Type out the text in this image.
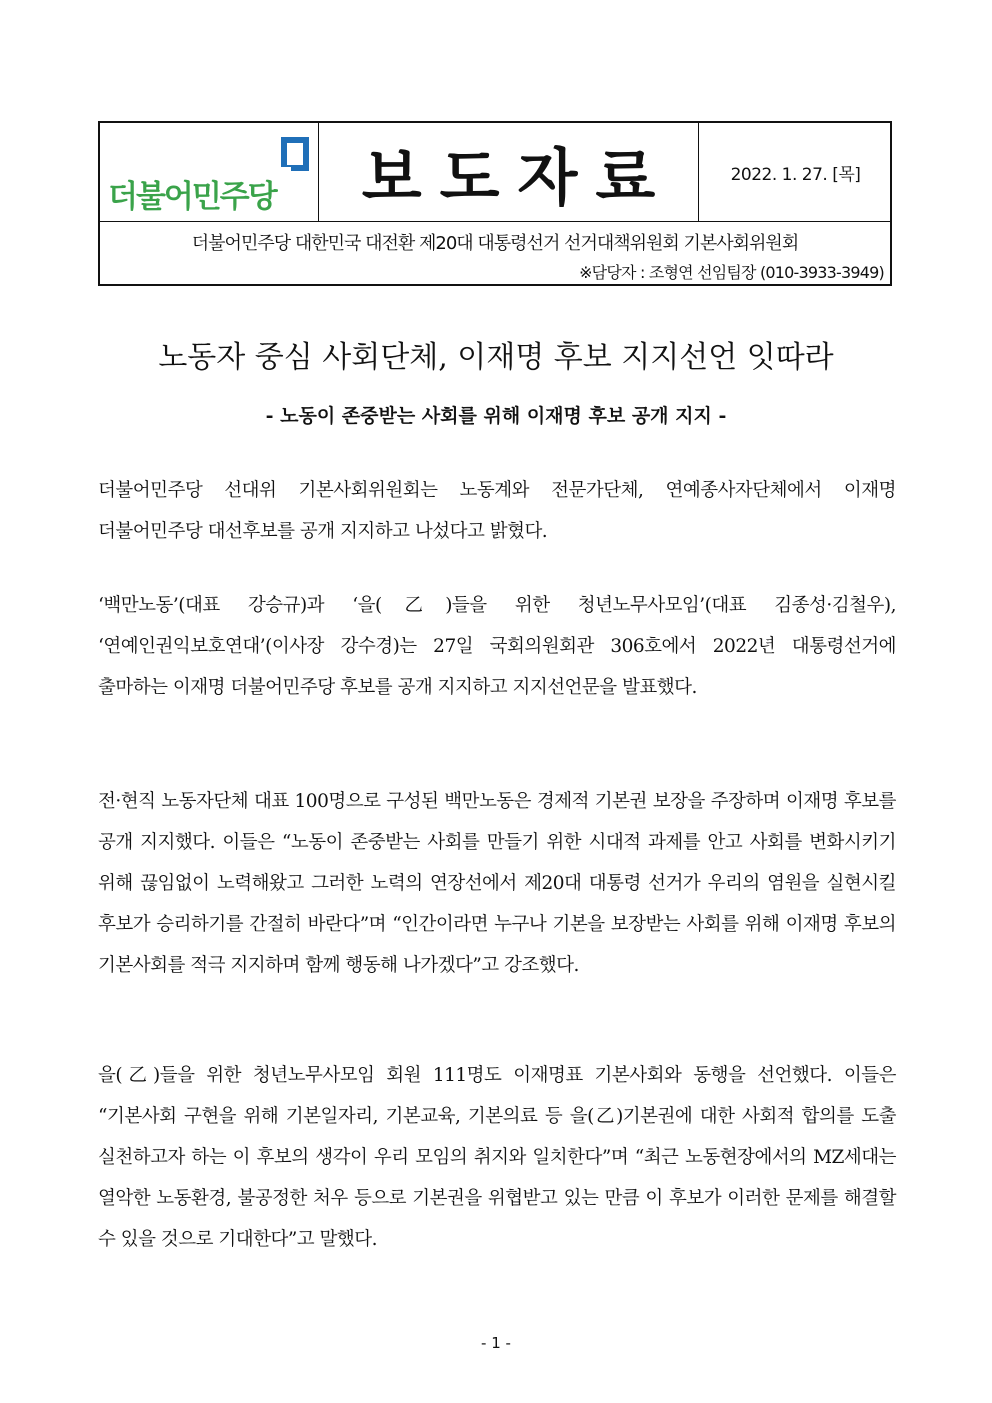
더불어민주당 보도자료	2022. 1. 27. [목]
더불어민주당 대한민국 대전환 제20대 대통령선거 선거대책위원회 기본사회위원회
※담당자 : 조형연 선임팀장 (010-3933-3949)
노동자 중심 사회단체, 이재명 후보 지지선언 잇따라
- 노동이 존중받는 사회를 위해 이재명 후보 공개 지지 -

더불어민주당 선대위 기본사회위원회는 노동계와 전문가단체, 연예종사자단체에서 이재명 더불어민주당 대선후보를 공개 지지하고 나섰다고 밝혔다.

‘백만노동’(대표 강승규)과 ‘을(乙)들을 위한 청년노무사모임’(대표 김종성·김철우), ‘연예인권익보호연대’(이사장 강수경)는 27일 국회의원회관 306호에서 2022년 대통령선거에 출마하는 이재명 더불어민주당 후보를 공개 지지하고 지지선언문을 발표했다.

전·현직 노동자단체 대표 100명으로 구성된 백만노동은 경제적 기본권 보장을 주장하며 이재명 후보를 공개 지지했다. 이들은 “노동이 존중받는 사회를 만들기 위한 시대적 과제를 안고 사회를 변화시키기 위해 끊임없이 노력해왔고 그러한 노력의 연장선에서 제20대 대통령 선거가 우리의 염원을 실현시킬 후보가 승리하기를 간절히 바란다”며 “인간이라면 누구나 기본을 보장받는 사회를 위해 이재명 후보의 기본사회를 적극 지지하며 함께 행동해 나가겠다”고 강조했다.

을(乙)들을 위한 청년노무사모임 회원 111명도 이재명표 기본사회와 동행을 선언했다. 이들은 “기본사회 구현을 위해 기본일자리, 기본교육, 기본의료 등 을(乙)기본권에 대한 사회적 합의를 도출 실천하고자 하는 이 후보의 생각이 우리 모임의 취지와 일치한다”며 “최근 노동현장에서의 MZ세대는 열악한 노동환경, 불공정한 처우 등으로 기본권을 위협받고 있는 만큼 이 후보가 이러한 문제를 해결할 수 있을 것으로 기대한다”고 말했다.

- 1 -
